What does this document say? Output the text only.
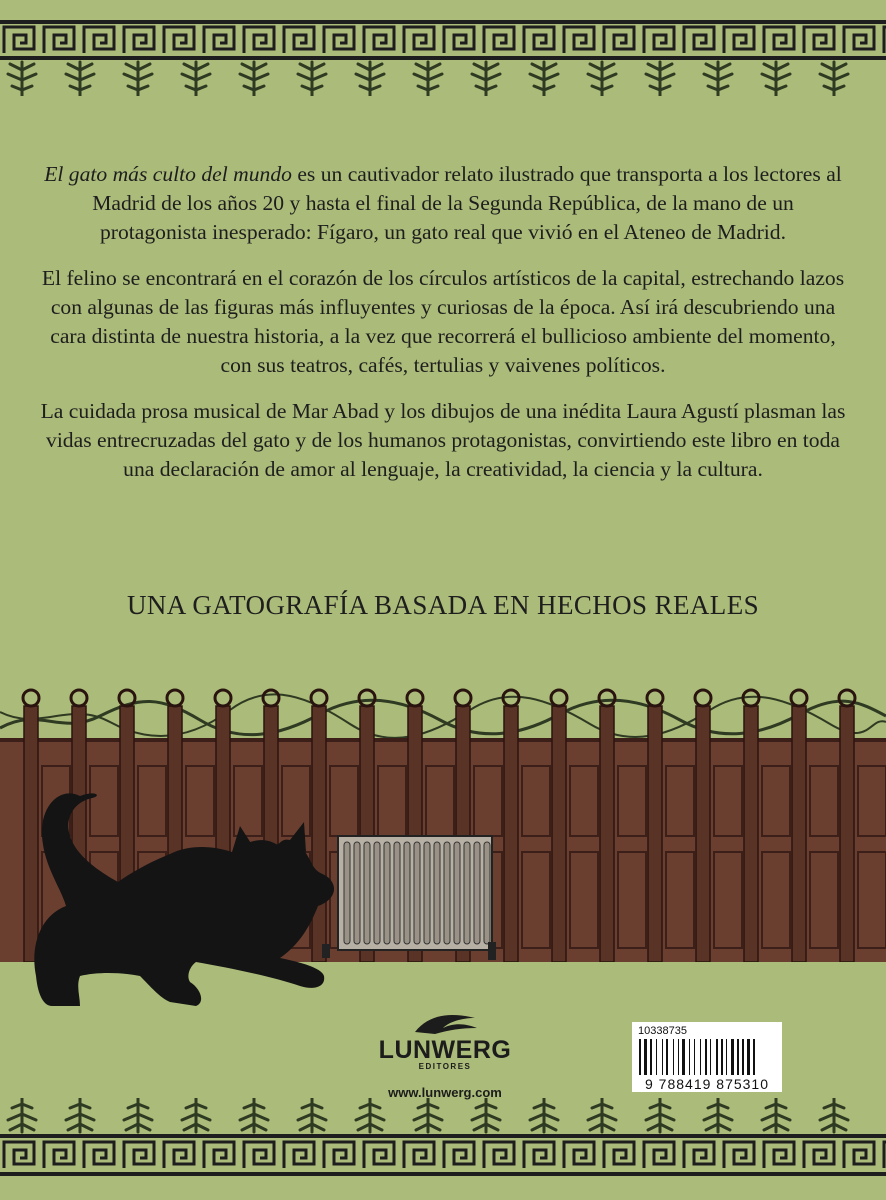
El gato más culto del mundo es un cautivador relato ilustrado que transporta a los lectores al Madrid de los años 20 y hasta el final de la Segunda República, de la mano de un protagonista inesperado: Fígaro, un gato real que vivió en el Ateneo de Madrid.

El felino se encontrará en el corazón de los círculos artísticos de la capital, estrechando lazos con algunas de las figuras más influyentes y curiosas de la época. Así irá descubriendo una cara distinta de nuestra historia, a la vez que recorrerá el bullicioso ambiente del momento, con sus teatros, cafés, tertulias y vaivenes políticos.

La cuidada prosa musical de Mar Abad y los dibujos de una inédita Laura Agustí plasman las vidas entrecruzadas del gato y de los humanos protagonistas, convirtiendo este libro en toda una declaración de amor al lenguaje, la creatividad, la ciencia y la cultura.

UNA GATOGRAFÍA BASADA EN HECHOS REALES
LUNWERG
EDITORES
www.lunwerg.com
10338735
9 788419 875310
